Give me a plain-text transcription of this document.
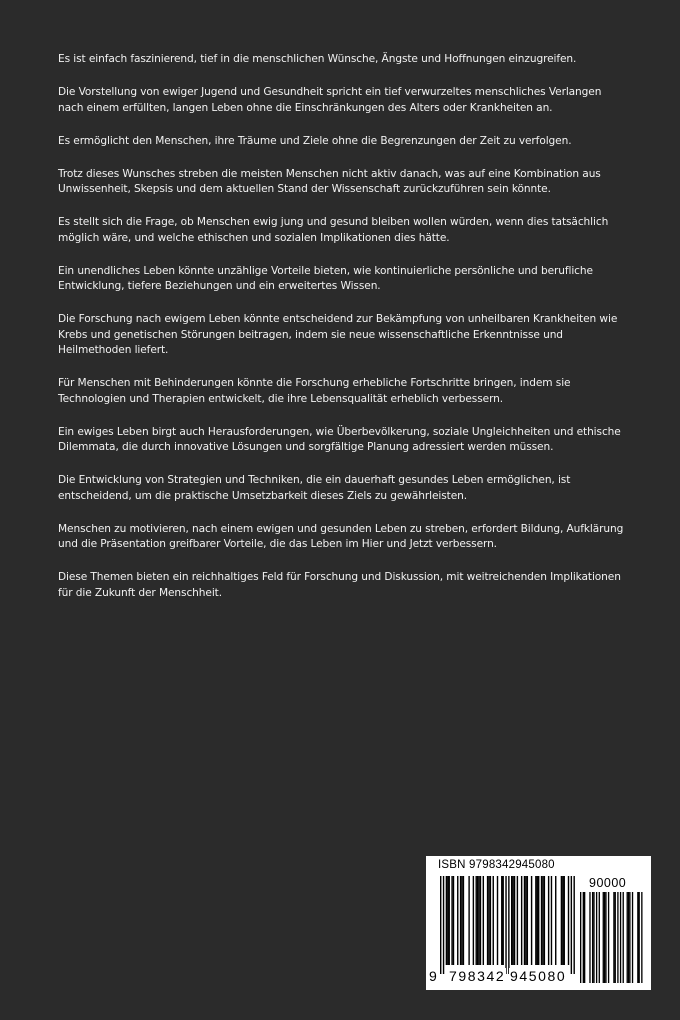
Es ist einfach faszinierend, tief in die menschlichen Wünsche, Ängste und Hoffnungen einzugreifen.

Die Vorstellung von ewiger Jugend und Gesundheit spricht ein tief verwurzeltes menschliches Verlangen nach einem erfüllten, langen Leben ohne die Einschränkungen des Alters oder Krankheiten an.

Es ermöglicht den Menschen, ihre Träume und Ziele ohne die Begrenzungen der Zeit zu verfolgen.

Trotz dieses Wunsches streben die meisten Menschen nicht aktiv danach, was auf eine Kombination aus Unwissenheit, Skepsis und dem aktuellen Stand der Wissenschaft zurückzuführen sein könnte.

Es stellt sich die Frage, ob Menschen ewig jung und gesund bleiben wollen würden, wenn dies tatsächlich möglich wäre, und welche ethischen und sozialen Implikationen dies hätte.

Ein unendliches Leben könnte unzählige Vorteile bieten, wie kontinuierliche persönliche und berufliche Entwicklung, tiefere Beziehungen und ein erweitertes Wissen.

Die Forschung nach ewigem Leben könnte entscheidend zur Bekämpfung von unheilbaren Krankheiten wie Krebs und genetischen Störungen beitragen, indem sie neue wissenschaftliche Erkenntnisse und Heilmethoden liefert.

Für Menschen mit Behinderungen könnte die Forschung erhebliche Fortschritte bringen, indem sie Technologien und Therapien entwickelt, die ihre Lebensqualität erheblich verbessern.

Ein ewiges Leben birgt auch Herausforderungen, wie Überbevölkerung, soziale Ungleichheiten und ethische Dilemmata, die durch innovative Lösungen und sorgfältige Planung adressiert werden müssen.

Die Entwicklung von Strategien und Techniken, die ein dauerhaft gesundes Leben ermöglichen, ist entscheidend, um die praktische Umsetzbarkeit dieses Ziels zu gewährleisten.

Menschen zu motivieren, nach einem ewigen und gesunden Leben zu streben, erfordert Bildung, Aufklärung und die Präsentation greifbarer Vorteile, die das Leben im Hier und Jetzt verbessern.

Diese Themen bieten ein reichhaltiges Feld für Forschung und Diskussion, mit weitreichenden Implikationen für die Zukunft der Menschheit.

ISBN 9798342945080
90000
9 798342 945080
